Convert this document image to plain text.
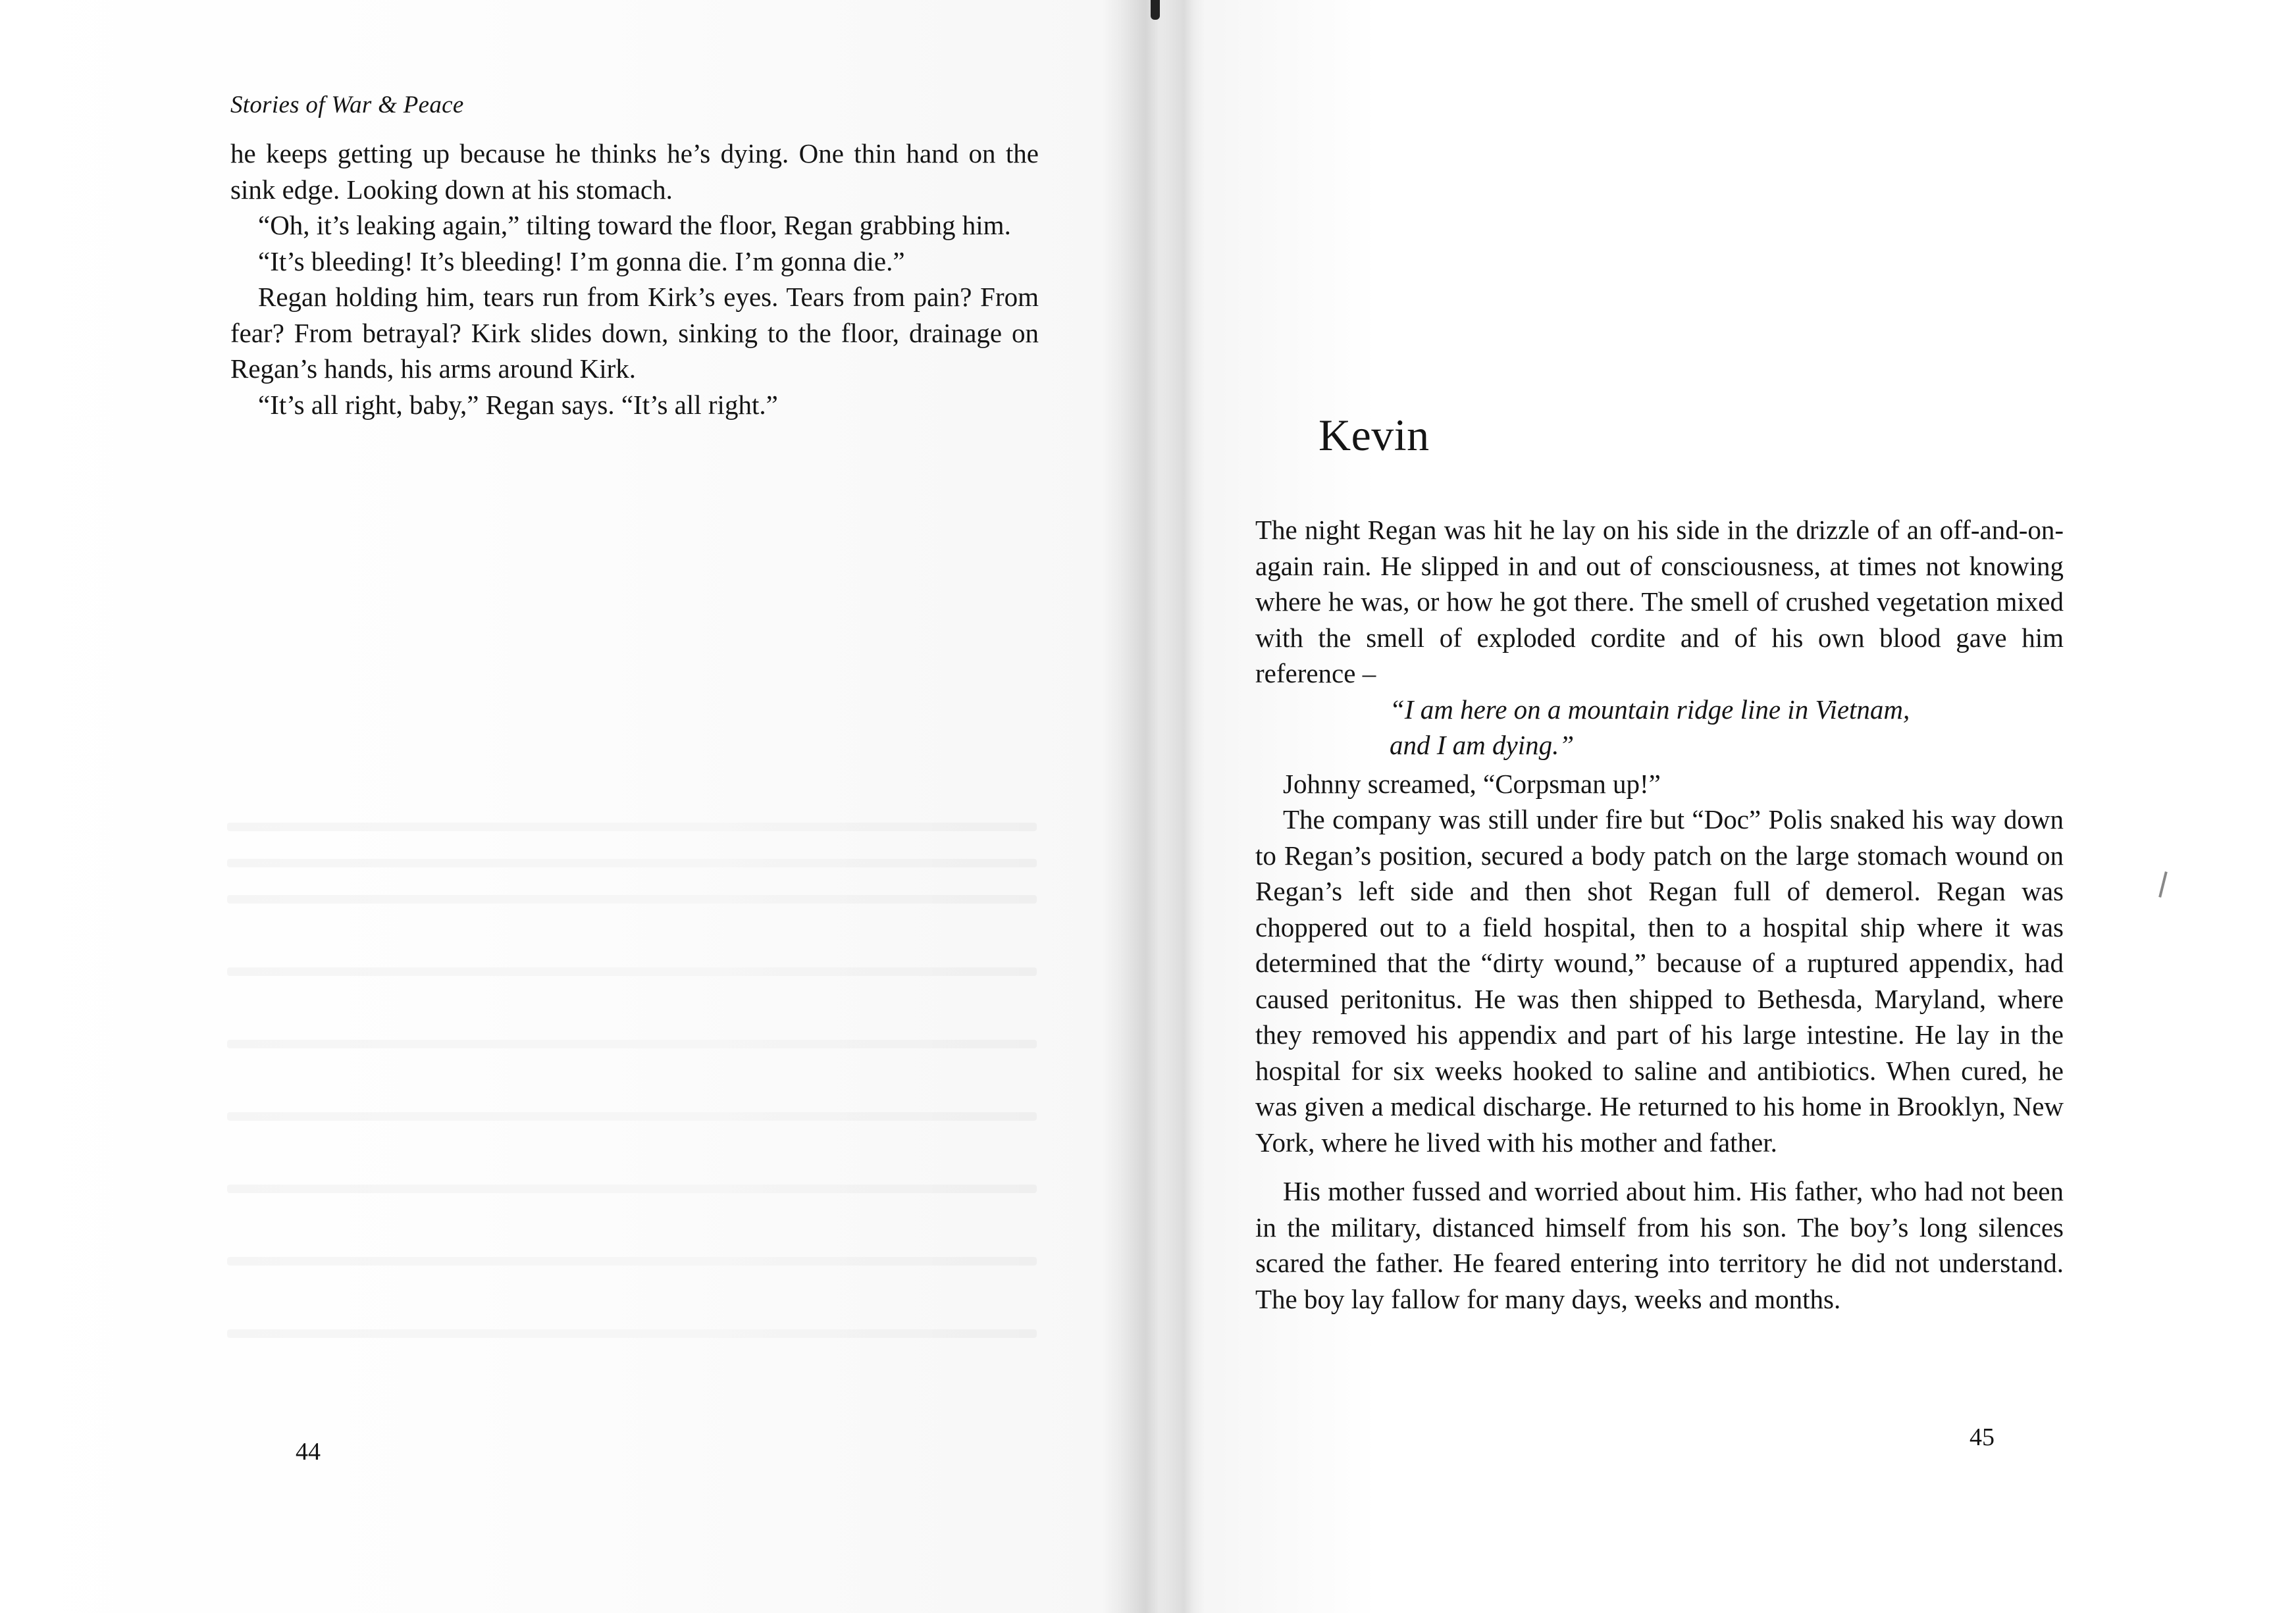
Stories of War & Peace

he keeps getting up because he thinks he’s dying. One thin hand on the sink edge. Looking down at his stomach.

“Oh, it’s leaking again,” tilting toward the floor, Regan grabbing him.

“It’s bleeding! It’s bleeding! I’m gonna die. I’m gonna die.”

Regan holding him, tears run from Kirk’s eyes. Tears from pain? From fear? From betrayal? Kirk slides down, sinking to the floor, drainage on Regan’s hands, his arms around Kirk.

“It’s all right, baby,” Regan says. “It’s all right.”

44
Kevin

The night Regan was hit he lay on his side in the drizzle of an off-and-on-again rain. He slipped in and out of consciousness, at times not knowing where he was, or how he got there. The smell of crushed vegetation mixed with the smell of exploded cordite and of his own blood gave him reference –

“I am here on a mountain ridge line in Vietnam, and I am dying.”

Johnny screamed, “Corpsman up!”

The company was still under fire but “Doc” Polis snaked his way down to Regan’s position, secured a body patch on the large stomach wound on Regan’s left side and then shot Regan full of demerol. Regan was choppered out to a field hospital, then to a hospital ship where it was determined that the “dirty wound,” because of a ruptured appendix, had caused peritonitus. He was then shipped to Bethesda, Maryland, where they removed his appendix and part of his large intestine. He lay in the hospital for six weeks hooked to saline and antibiotics. When cured, he was given a medical discharge. He returned to his home in Brooklyn, New York, where he lived with his mother and father.

His mother fussed and worried about him. His father, who had not been in the military, distanced himself from his son. The boy’s long silences scared the father. He feared entering into territory he did not understand. The boy lay fallow for many days, weeks and months.

45
